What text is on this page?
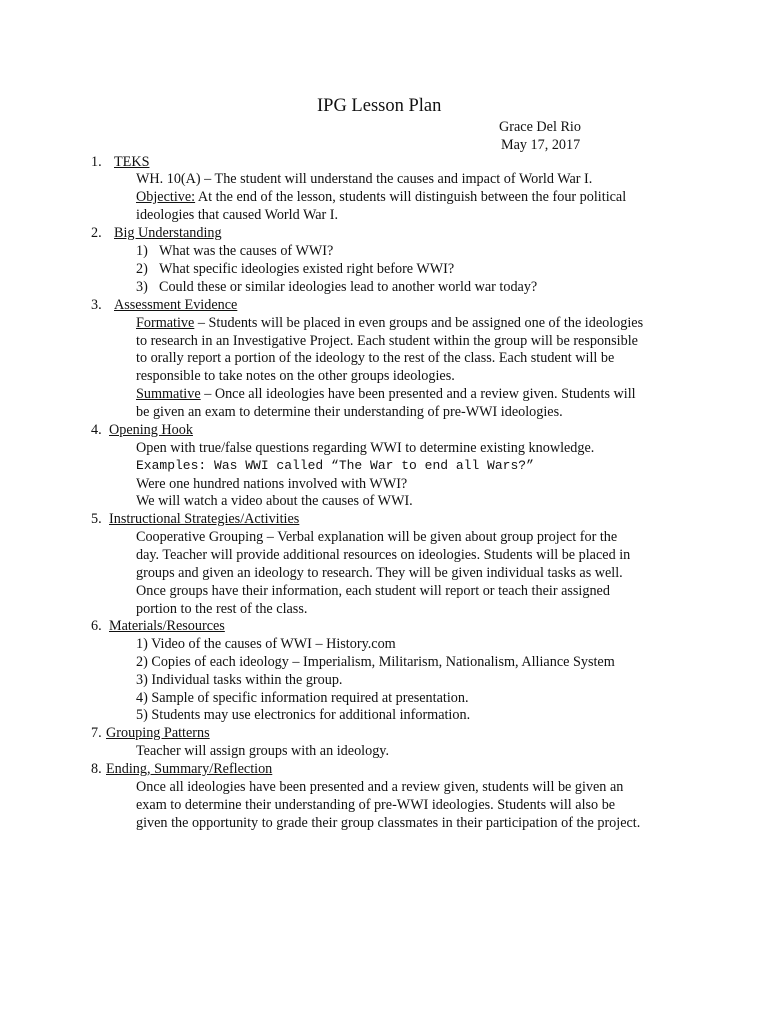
IPG Lesson Plan
Grace Del Rio
May 17, 2017
1. TEKS
WH. 10(A) – The student will understand the causes and impact of World War I.
Objective: At the end of the lesson, students will distinguish between the four political
ideologies that caused World War I.
2. Big Understanding
1) What was the causes of WWI?
2) What specific ideologies existed right before WWI?
3) Could these or similar ideologies lead to another world war today?
3. Assessment Evidence
Formative – Students will be placed in even groups and be assigned one of the ideologies
to research in an Investigative Project. Each student within the group will be responsible
to orally report a portion of the ideology to the rest of the class. Each student will be
responsible to take notes on the other groups ideologies.
Summative – Once all ideologies have been presented and a review given. Students will
be given an exam to determine their understanding of pre-WWI ideologies.
4. Opening Hook
Open with true/false questions regarding WWI to determine existing knowledge.
Examples: Was WWI called “The War to end all Wars?”
Were one hundred nations involved with WWI?
We will watch a video about the causes of WWI.
5. Instructional Strategies/Activities
Cooperative Grouping – Verbal explanation will be given about group project for the
day. Teacher will provide additional resources on ideologies. Students will be placed in
groups and given an ideology to research. They will be given individual tasks as well.
Once groups have their information, each student will report or teach their assigned
portion to the rest of the class.
6. Materials/Resources
1) Video of the causes of WWI – History.com
2) Copies of each ideology – Imperialism, Militarism, Nationalism, Alliance System
3) Individual tasks within the group.
4) Sample of specific information required at presentation.
5) Students may use electronics for additional information.
7. Grouping Patterns
Teacher will assign groups with an ideology.
8. Ending, Summary/Reflection
Once all ideologies have been presented and a review given, students will be given an
exam to determine their understanding of pre-WWI ideologies. Students will also be
given the opportunity to grade their group classmates in their participation of the project.
